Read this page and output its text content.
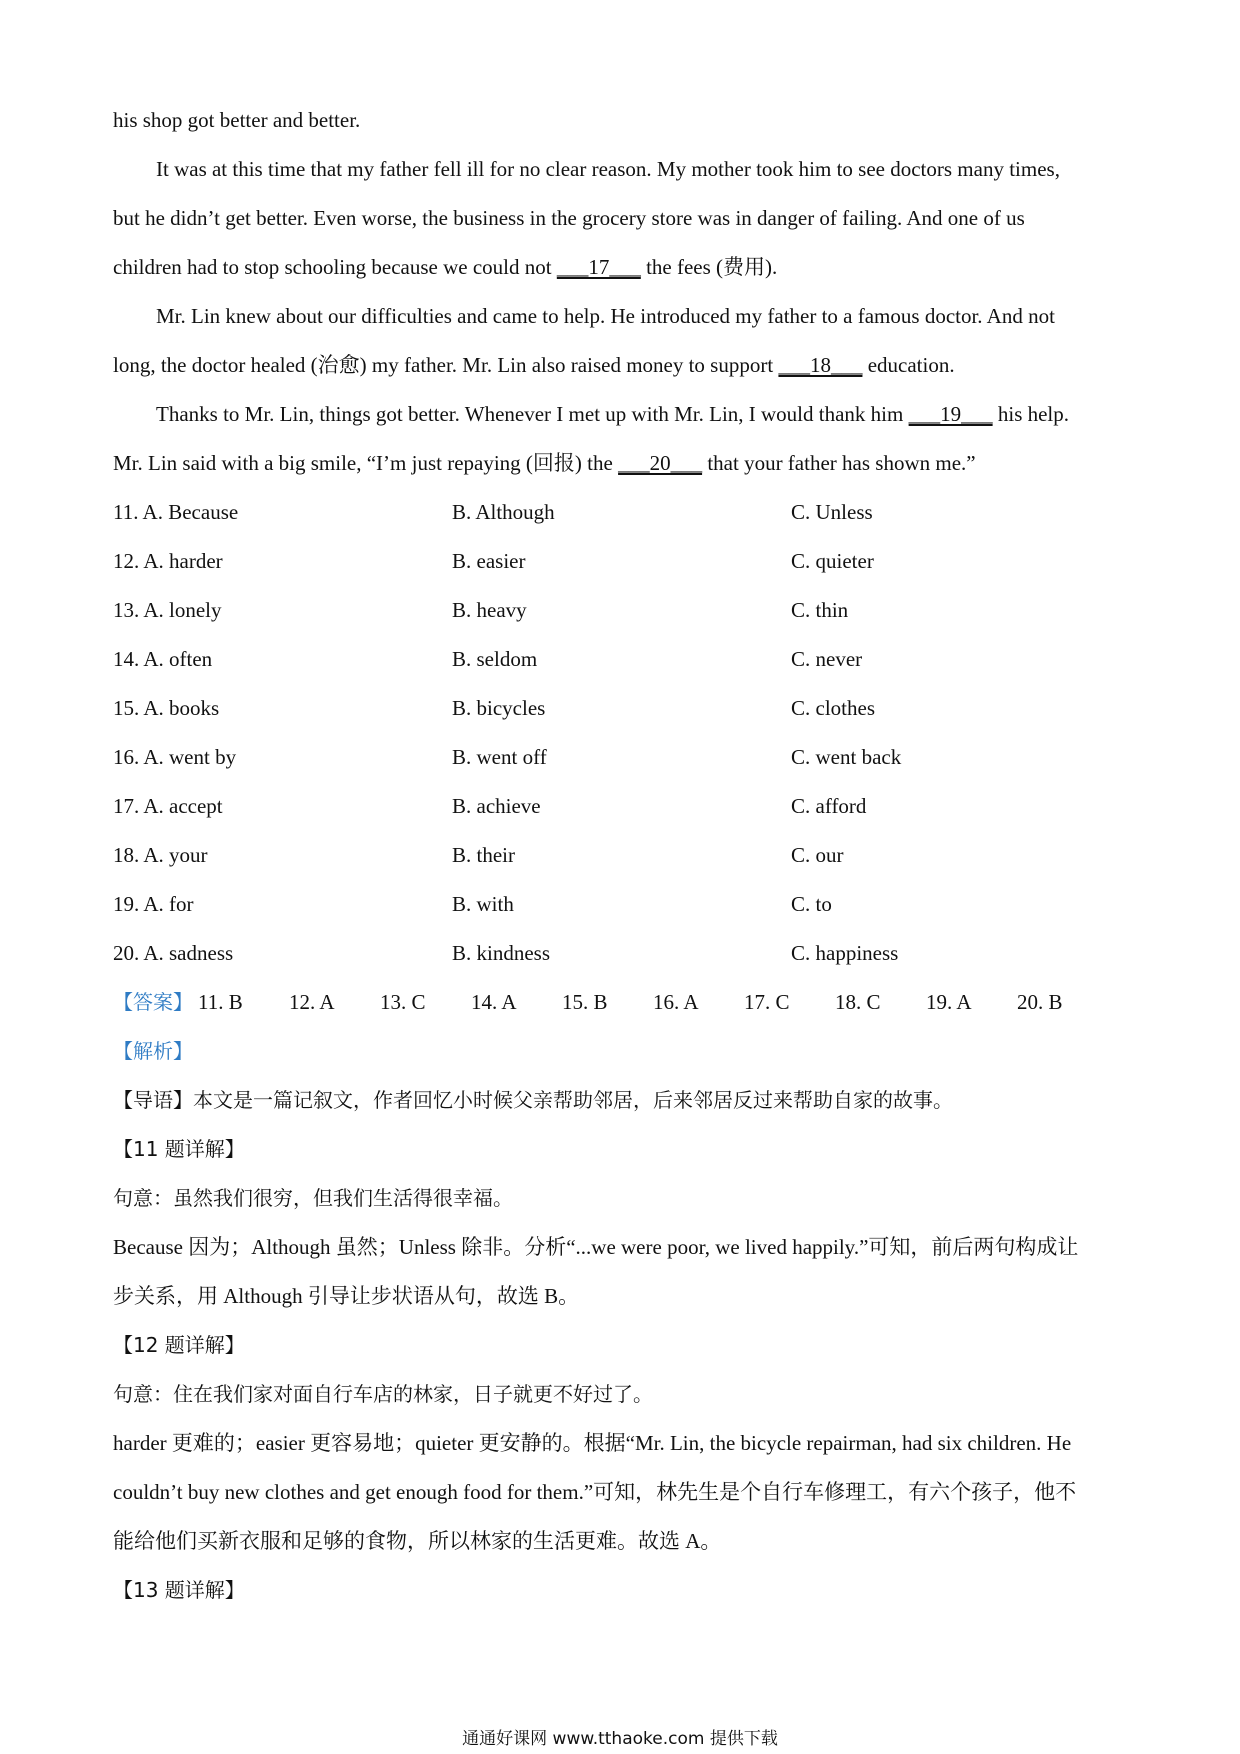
his shop got better and better.
It was at this time that my father fell ill for no clear reason. My mother took him to see doctors many times,
but he didn’t get better. Even worse, the business in the grocery store was in danger of failing. And one of us
children had to stop schooling because we could not ___17___ the fees (费用).
Mr. Lin knew about our difficulties and came to help. He introduced my father to a famous doctor. And not
long, the doctor healed (治愈) my father. Mr. Lin also raised money to support ___18___ education.
Thanks to Mr. Lin, things got better. Whenever I met up with Mr. Lin, I would thank him ___19___ his help.
Mr. Lin said with a big smile, “I’m just repaying (回报) the ___20___ that your father has shown me.”
11. A. Because	B. Although	C. Unless
12. A. harder	B. easier	C. quieter
13. A. lonely	B. heavy	C. thin
14. A. often	B. seldom	C. never
15. A. books	B. bicycles	C. clothes
16. A. went by	B. went off	C. went back
17. A. accept	B. achieve	C. afford
18. A. your	B. their	C. our
19. A. for	B. with	C. to
20. A. sadness	B. kindness	C. happiness
【答案】 11. B 12. A 13. C 14. A 15. B 16. A 17. C 18. C 19. A 20. B
【解析】
【导语】本文是一篇记叙文，作者回忆小时候父亲帮助邻居，后来邻居反过来帮助自家的故事。
【11 题详解】
句意：虽然我们很穷，但我们生活得很幸福。
Because 因为；Although 虽然；Unless 除非。分析“...we were poor, we lived happily.”可知，前后两句构成让
步关系，用 Although 引导让步状语从句，故选 B。
【12 题详解】
句意：住在我们家对面自行车店的林家，日子就更不好过了。
harder 更难的；easier 更容易地；quieter 更安静的。根据“Mr. Lin, the bicycle repairman, had six children. He
couldn’t buy new clothes and get enough food for them.”可知，林先生是个自行车修理工，有六个孩子，他不
能给他们买新衣服和足够的食物，所以林家的生活更难。故选 A。
【13 题详解】
通通好课网 www.tthaoke.com 提供下载
